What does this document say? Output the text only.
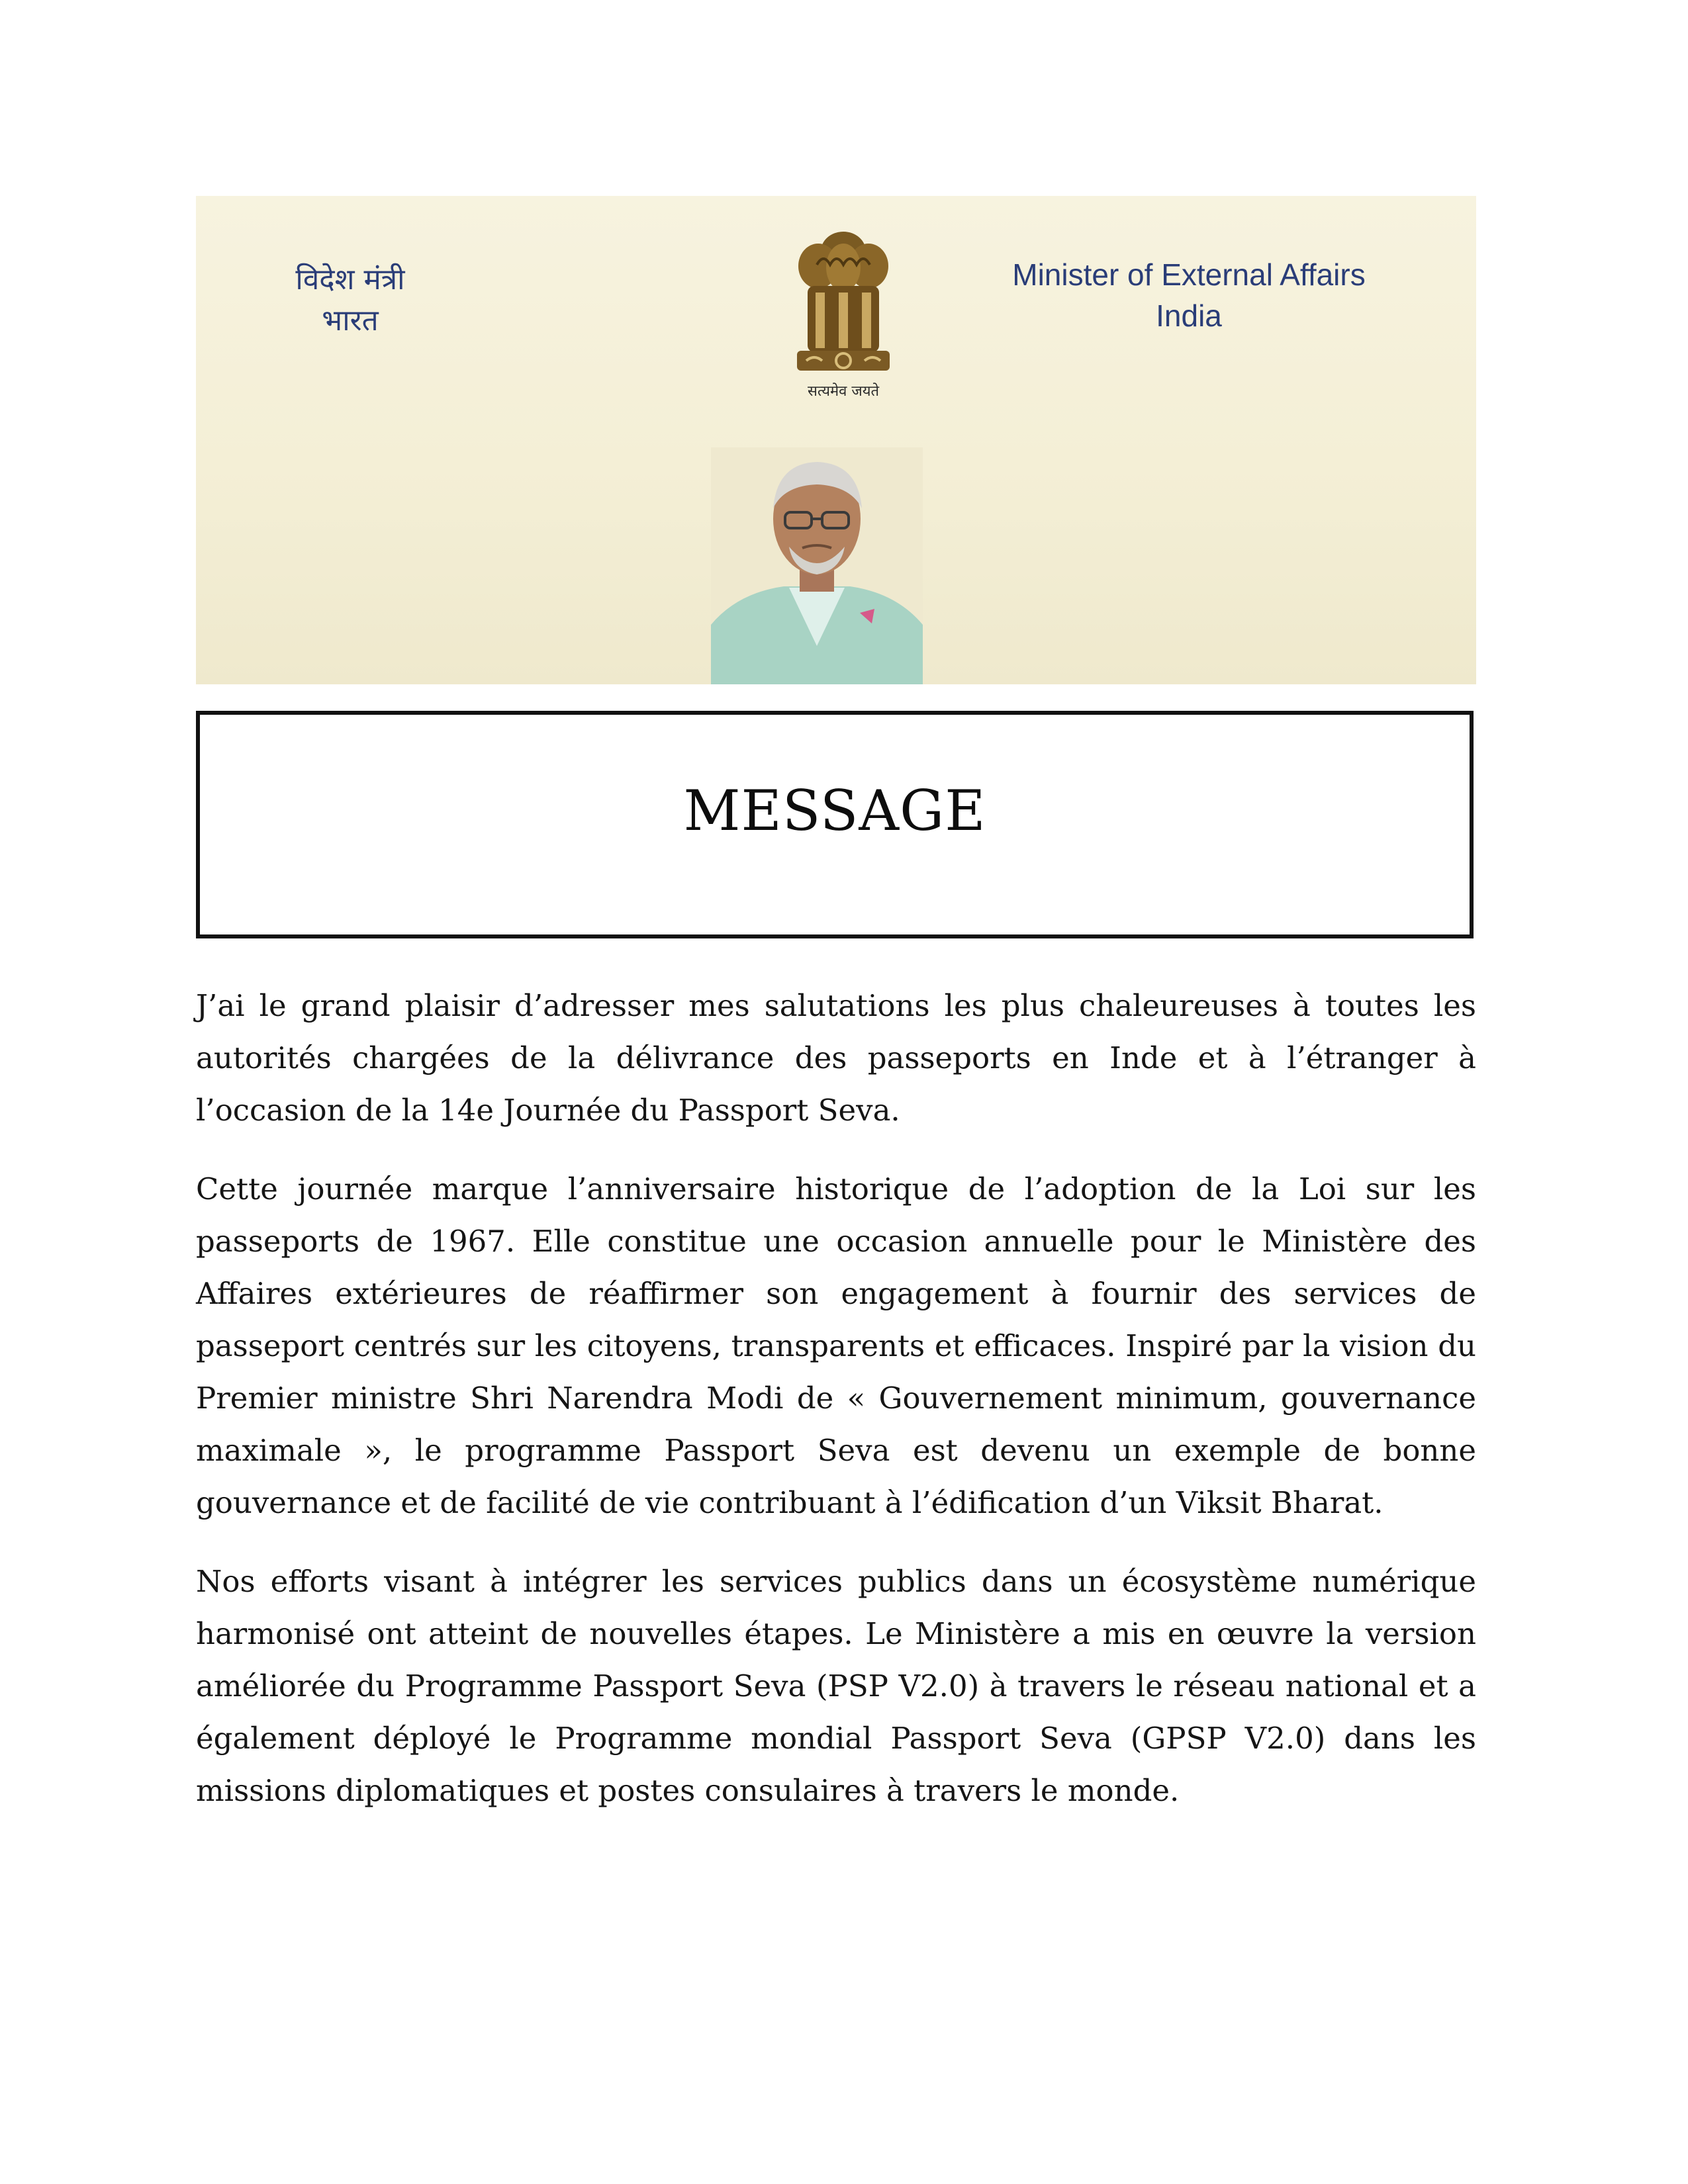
विदेश मंत्री
भारत
सत्यमेव जयते
Minister of External Affairs
India
MESSAGE

J’ai le grand plaisir d’adresser mes salutations les plus chaleureuses à toutes les autorités chargées de la délivrance des passeports en Inde et à l’étranger à l’occasion de la 14e Journée du Passport Seva.

Cette journée marque l’anniversaire historique de l’adoption de la Loi sur les passeports de 1967. Elle constitue une occasion annuelle pour le Ministère des Affaires extérieures de réaffirmer son engagement à fournir des services de passeport centrés sur les citoyens, transparents et efficaces. Inspiré par la vision du Premier ministre Shri Narendra Modi de « Gouvernement minimum, gouvernance maximale », le programme Passport Seva est devenu un exemple de bonne gouvernance et de facilité de vie contribuant à l’édification d’un Viksit Bharat.

Nos efforts visant à intégrer les services publics dans un écosystème numérique harmonisé ont atteint de nouvelles étapes. Le Ministère a mis en œuvre la version améliorée du Programme Passport Seva (PSP V2.0) à travers le réseau national et a également déployé le Programme mondial Passport Seva (GPSP V2.0) dans les missions diplomatiques et postes consulaires à travers le monde.
